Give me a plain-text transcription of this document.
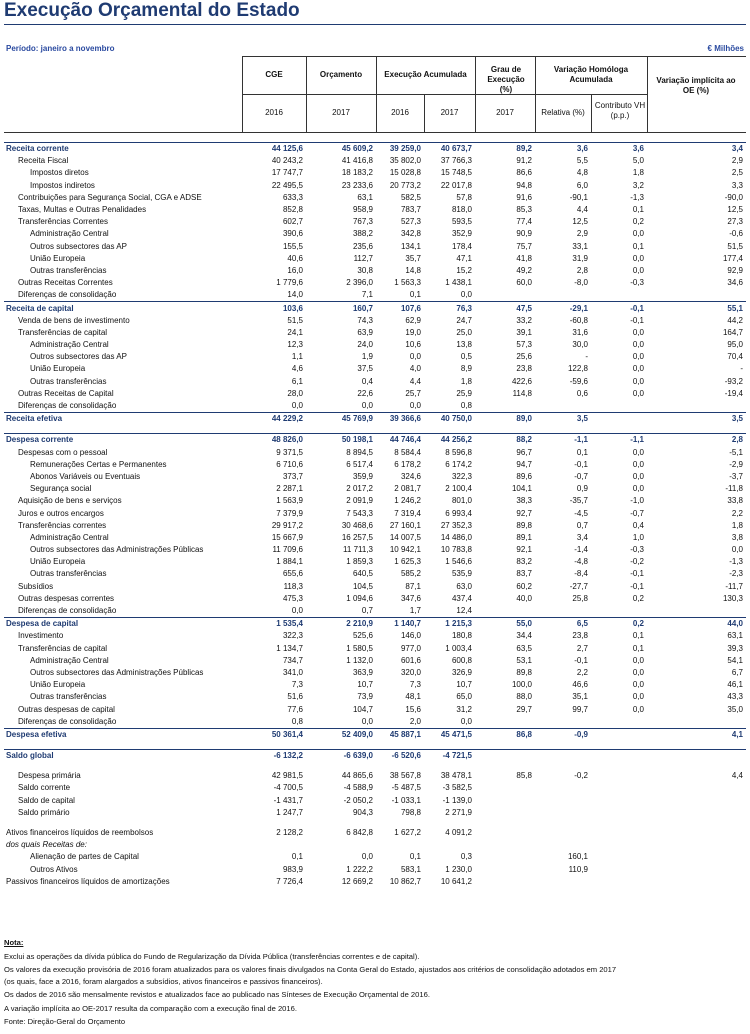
Execução Orçamental do Estado
Período: janeiro a novembro	€ Milhões
CGE	Orçamento	Execução Acumulada
Grau de Execução (%)
Variação Homóloga Acumulada	Variação implícita ao OE (%)
2016	2017	2016	2017	2017	Relativa (%)
Contributo VH (p.p.)
Receita corrente	44 125,6	45 609,2	39 259,0	40 673,7	89,2	3,6	3,6	3,4
Receita Fiscal	40 243,2	41 416,8	35 802,0	37 766,3	91,2	5,5	5,0	2,9
Impostos diretos	17 747,7	18 183,2	15 028,8	15 748,5	86,6	4,8	1,8	2,5
Impostos indiretos	22 495,5	23 233,6	20 773,2	22 017,8	94,8	6,0	3,2	3,3
Contribuições para Segurança Social, CGA e ADSE	633,3	63,1	582,5	57,8	91,6	-90,1	-1,3	-90,0
Taxas, Multas e Outras Penalidades	852,8	958,9	783,7	818,0	85,3	4,4	0,1	12,5
Transferências Correntes	602,7	767,3	527,3	593,5	77,4	12,5	0,2	27,3
Administração Central	390,6	388,2	342,8	352,9	90,9	2,9	0,0	-0,6
Outros subsectores das AP	155,5	235,6	134,1	178,4	75,7	33,1	0,1	51,5
União Europeia	40,6	112,7	35,7	47,1	41,8	31,9	0,0	177,4
Outras transferências	16,0	30,8	14,8	15,2	49,2	2,8	0,0	92,9
Outras Receitas Correntes	1 779,6	2 396,0	1 563,3	1 438,1	60,0	-8,0	-0,3	34,6
Diferenças de consolidação	14,0	7,1	0,1	0,0				
Receita de capital	103,6	160,7	107,6	76,3	47,5	-29,1	-0,1	55,1
Venda de bens de investimento	51,5	74,3	62,9	24,7	33,2	-60,8	-0,1	44,2
Transferências de capital	24,1	63,9	19,0	25,0	39,1	31,6	0,0	164,7
Administração Central	12,3	24,0	10,6	13,8	57,3	30,0	0,0	95,0
Outros subsectores das AP	1,1	1,9	0,0	0,5	25,6	-	0,0	70,4
União Europeia	4,6	37,5	4,0	8,9	23,8	122,8	0,0	-
Outras transferências	6,1	0,4	4,4	1,8	422,6	-59,6	0,0	-93,2
Outras Receitas de Capital	28,0	22,6	25,7	25,9	114,8	0,6	0,0	-19,4
Diferenças de consolidação	0,0	0,0	0,0	0,8				
Receita efetiva	44 229,2	45 769,9	39 366,6	40 750,0	89,0	3,5		3,5

Despesa corrente	48 826,0	50 198,1	44 746,4	44 256,2	88,2	-1,1	-1,1	2,8
Despesas com o pessoal	9 371,5	8 894,5	8 584,4	8 596,8	96,7	0,1	0,0	-5,1
Remunerações Certas e Permanentes	6 710,6	6 517,4	6 178,2	6 174,2	94,7	-0,1	0,0	-2,9
Abonos Variáveis ou Eventuais	373,7	359,9	324,6	322,3	89,6	-0,7	0,0	-3,7
Segurança social	2 287,1	2 017,2	2 081,7	2 100,4	104,1	0,9	0,0	-11,8
Aquisição de bens e serviços	1 563,9	2 091,9	1 246,2	801,0	38,3	-35,7	-1,0	33,8
Juros e outros encargos	7 379,9	7 543,3	7 319,4	6 993,4	92,7	-4,5	-0,7	2,2
Transferências correntes	29 917,2	30 468,6	27 160,1	27 352,3	89,8	0,7	0,4	1,8
Administração Central	15 667,9	16 257,5	14 007,5	14 486,0	89,1	3,4	1,0	3,8
Outros subsectores das Administrações Públicas	11 709,6	11 711,3	10 942,1	10 783,8	92,1	-1,4	-0,3	0,0
União Europeia	1 884,1	1 859,3	1 625,3	1 546,6	83,2	-4,8	-0,2	-1,3
Outras transferências	655,6	640,5	585,2	535,9	83,7	-8,4	-0,1	-2,3
Subsídios	118,3	104,5	87,1	63,0	60,2	-27,7	-0,1	-11,7
Outras despesas correntes	475,3	1 094,6	347,6	437,4	40,0	25,8	0,2	130,3
Diferenças de consolidação	0,0	0,7	1,7	12,4				
Despesa de capital	1 535,4	2 210,9	1 140,7	1 215,3	55,0	6,5	0,2	44,0
Investimento	322,3	525,6	146,0	180,8	34,4	23,8	0,1	63,1
Transferências de capital	1 134,7	1 580,5	977,0	1 003,4	63,5	2,7	0,1	39,3
Administração Central	734,7	1 132,0	601,6	600,8	53,1	-0,1	0,0	54,1
Outros subsectores das Administrações Públicas	341,0	363,9	320,0	326,9	89,8	2,2	0,0	6,7
União Europeia	7,3	10,7	7,3	10,7	100,0	46,6	0,0	46,1
Outras transferências	51,6	73,9	48,1	65,0	88,0	35,1	0,0	43,3
Outras despesas de capital	77,6	104,7	15,6	31,2	29,7	99,7	0,0	35,0
Diferenças de consolidação	0,8	0,0	2,0	0,0				
Despesa efetiva	50 361,4	52 409,0	45 887,1	45 471,5	86,8	-0,9		4,1

Saldo global	-6 132,2	-6 639,0	-6 520,6	-4 721,5				

Despesa primária	42 981,5	44 865,6	38 567,8	38 478,1	85,8	-0,2		4,4
Saldo corrente	-4 700,5	-4 588,9	-5 487,5	-3 582,5				
Saldo de capital	-1 431,7	-2 050,2	-1 033,1	-1 139,0				
Saldo primário	1 247,7	904,3	798,8	2 271,9				

Ativos financeiros líquidos de reembolsos	2 128,2	6 842,8	1 627,2	4 091,2				
dos quais Receitas de:								
Alienação de partes de Capital	0,1	0,0	0,1	0,3		160,1		
Outros Ativos	983,9	1 222,2	583,1	1 230,0		110,9		
Passivos financeiros líquidos de amortizações	7 726,4	12 669,2	10 862,7	10 641,2				
Nota:
Exclui as operações da dívida pública do Fundo de Regularização da Dívida Pública (transferências correntes e de capital).
Os valores da execução provisória de 2016 foram atualizados para os valores finais divulgados na Conta Geral do Estado, ajustados aos critérios de consolidação adotados em 2017
(os quais, face a 2016, foram alargados a subsídios, ativos financeiros e passivos financeiros).
Os dados de 2016 são mensalmente revistos e atualizados face ao publicado nas Sínteses de Execução Orçamental de 2016.
A variação implícita ao OE-2017 resulta da comparação com a execução final de 2016.
Fonte: Direção-Geral do Orçamento
